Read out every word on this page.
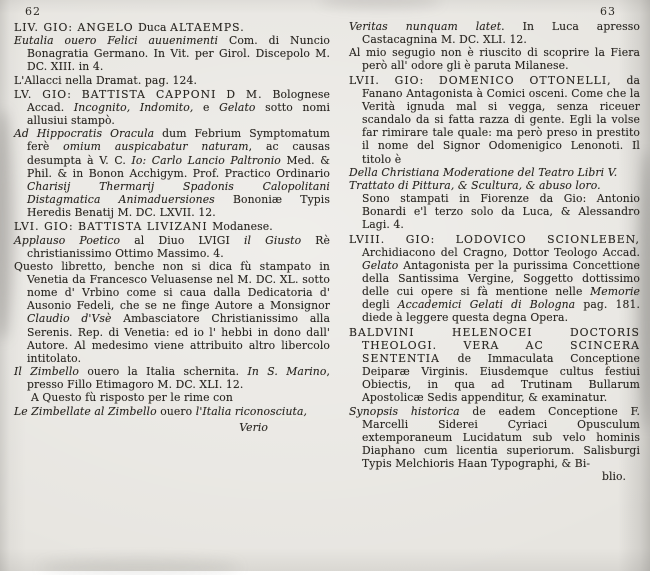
62

LIV. GIO: ANGELO Duca ALTAEMPS.

Eutalia ouero Felici auuenimenti Com. di Nuncio Bonagratia Germano. In Vit. per Girol. Discepolo M. DC. XIII. in 4.

L'Allacci nella Dramat. pag. 124.

LV. GIO: BATTISTA CAPPONI D M. Bolognese Accad. Incognito, Indomito, e Gelato sotto nomi allusiui stampò.

Ad Hippocratis Oracula dum Febrium Symptomatum ferè omium auspicabatur naturam, ac causas desumpta à V. C. Io: Carlo Lancio Paltronio Med. & Phil. & in Bonon Acchigym. Prof. Practico Ordinario Charisij Thermarij Spadonis Calopolitani Distagmatica Animaduersiones Bononiæ Typis Heredis Benatij M. DC. LXVII. 12.

LVI. GIO: BATTISTA LIVIZANI Modanese.

Applauso Poetico al Diuo LVIGI il Giusto Rè christianissimo Ottimo Massimo. 4.

Questo libretto, benche non si dica fù stampato in Venetia da Francesco Veluasense nel M. DC. XL. sotto nome d' Vrbino come si caua dalla Dedicatoria d' Ausonio Fedeli, che se ne finge Autore a Monsignor Claudio d'Vsè Ambasciatore Christianissimo alla Serenis. Rep. di Venetia: ed io l' hebbi in dono dall' Autore. Al medesimo viene attribuito altro libercolo intitolato.

Il Zimbello ouero la Italia schernita. In S. Marino, presso Fillo Etimagoro M. DC. XLI. 12.

A Questo fù risposto per le rime con

Le Zimbellate al Zimbello ouero l'Italia riconosciuta,

Verio

63

Veritas nunquam latet. In Luca apresso Castacagnina M. DC. XLI. 12.

Al mio segugio non è riuscito di scoprire la Fiera però all' odore gli è paruta Milanese.

LVII. GIO: DOMENICO OTTONELLI, da Fanano Antagonista à Comici osceni. Come che la Verità ignuda mal si vegga, senza riceuer scandalo da si fatta razza di gente. Egli la volse far rimirare tale quale: ma però preso in prestito il nome del Signor Odomenigico Lenonoti. Il titolo è

Della Christiana Moderatione del Teatro Libri V.

Trattato di Pittura, & Scultura, & abuso loro.

Sono stampati in Fiorenze da Gio: Antonio Bonardi e'l terzo solo da Luca, & Alessandro Lagi. 4.

LVIII. GIO: LODOVICO SCIONLEBEN, Archidiacono del Cragno, Dottor Teologo Accad. Gelato Antagonista per la purissima Concettione della Santissima Vergine, Soggetto dottissimo delle cui opere si fà mentione nelle Memorie degli Accademici Gelati di Bologna pag. 181. diede à leggere questa degna Opera.

BALDVINI HELENOCEI DOCTORIS THEOLOGI. VERA AC SCINCERA SENTENTIA de Immaculata Conceptione Deiparæ Virginis. Eiusdemque cultus festiui Obiectis, in qua ad Trutinam Bullarum Apostolicæ Sedis appenditur, & examinatur.

Synopsis historica de eadem Conceptione F. Marcelli Siderei Cyriaci Opusculum extemporaneum Lucidatum sub velo hominis Diaphano cum licentia superiorum. Salisburgi Typis Melchioris Haan Typographi, & Bi-

blio.
